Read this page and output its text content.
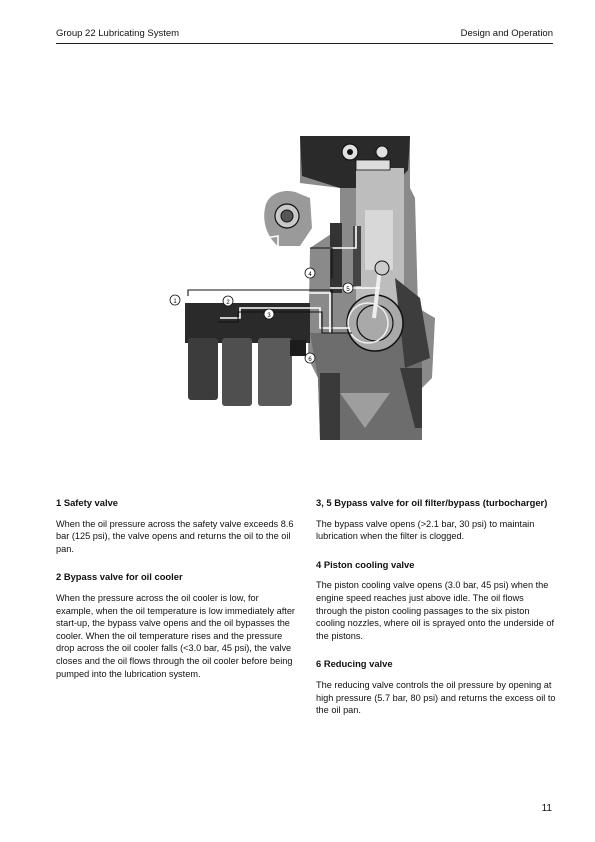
Group 22 Lubricating System	Design and Operation
1	2
3
4
5
6
1 Safety valve

When the oil pressure across the safety valve exceeds 8.6 bar (125 psi), the valve opens and returns the oil to the oil pan.

2 Bypass valve for oil cooler

When the pressure across the oil cooler is low, for example, when the oil temperature is low immediately after start-up, the bypass valve opens and the oil bypasses the cooler. When the oil temperature rises and the pressure drop across the oil cooler falls (<3.0 bar, 45 psi), the valve closes and the oil flows through the oil cooler before being pumped into the lubrication system.

3, 5 Bypass valve for oil filter/bypass (turbocharger)

The bypass valve opens (>2.1 bar, 30 psi) to maintain lubrication when the filter is clogged.

4 Piston cooling valve

The piston cooling valve opens (3.0 bar, 45 psi) when the engine speed reaches just above idle. The oil flows through the piston cooling passages to the six piston cooling nozzles, where oil is sprayed onto the underside of the pistons.

6 Reducing valve

The reducing valve controls the oil pressure by opening at high pressure (5.7 bar, 80 psi) and returns the excess oil to the oil pan.

11
